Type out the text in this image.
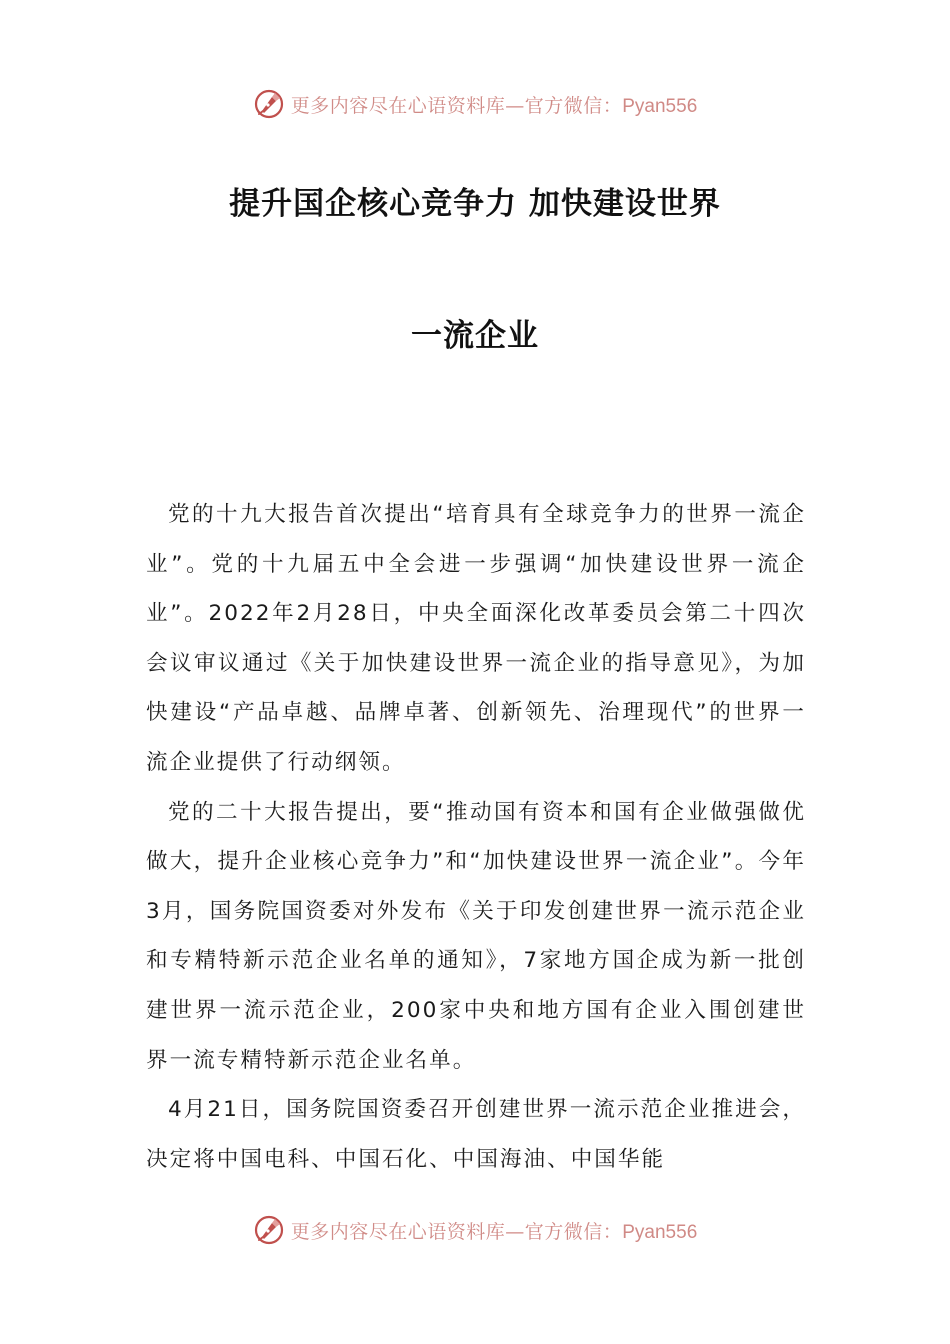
更多内容尽在心语资料库—官方微信：Pyan556
提升国企核心竞争力 加快建设世界
一流企业

党的十九大报告首次提出“培育具有全球竞争力的世界一流企业”。党的十九届五中全会进一步强调“加快建设世界一流企业”。2022年2月28日，中央全面深化改革委员会第二十四次会议审议通过《关于加快建设世界一流企业的指导意见》，为加快建设“产品卓越、品牌卓著、创新领先、治理现代”的世界一流企业提供了行动纲领。

党的二十大报告提出，要“推动国有资本和国有企业做强做优做大，提升企业核心竞争力”和“加快建设世界一流企业”。今年3月，国务院国资委对外发布《关于印发创建世界一流示范企业和专精特新示范企业名单的通知》，7家地方国企成为新一批创建世界一流示范企业，200家中央和地方国有企业入围创建世界一流专精特新示范企业名单。

4月21日，国务院国资委召开创建世界一流示范企业推进会，决定将中国电科、中国石化、中国海油、中国华能

更多内容尽在心语资料库—官方微信：Pyan556
